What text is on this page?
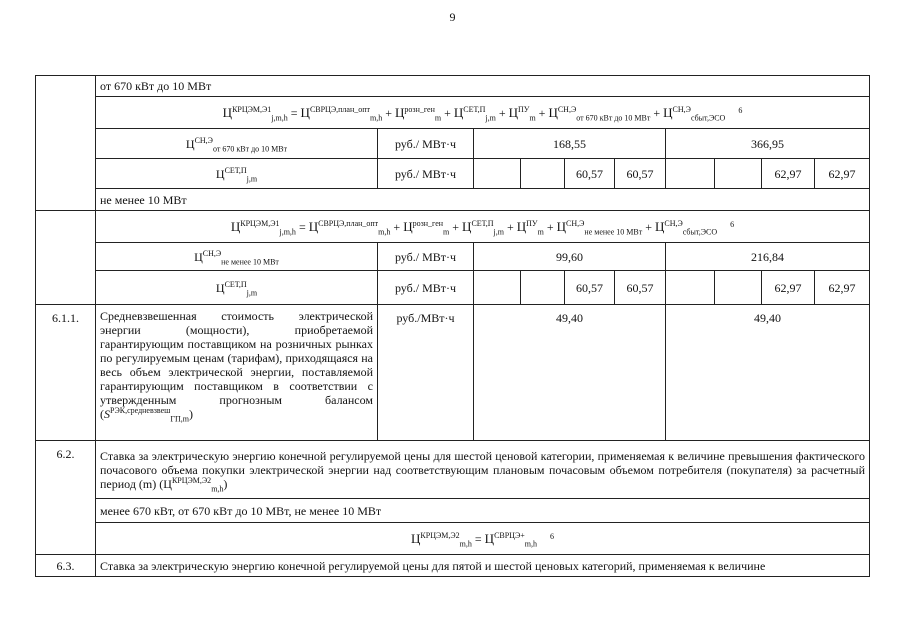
9
	от 670 кВт до 10 МВт									
	$Ц^{КРЦЭМ,Э1}_{j,m,h} = Ц^{СВРЦЭ,план\_опт}_{m,h} + Ц^{розн\_ген}_m + Ц^{СЕТ,П}_{j,m} + Ц^{ПУ}_m + Ц^{СН,Э}_{от 670 кВт до 10 МВт} + Ц^{СН,Э}_{сбыт,ЭСО}$ $^6$
	$Ц^{СН,Э}_{от 670 кВт до 10 МВт}$	руб./ МВт·ч	168,55				366,95			
	$Ц^{СЕТ,П}_{j,m}$	руб./ МВт·ч			60,57	60,57			62,97	62,97
	не менее 10 МВт									
	$Ц^{КРЦЭМ,Э1}_{j,m,h} = Ц^{СВРЦЭ,план\_опт}_{m,h} + Ц^{розн\_ген}_m + Ц^{СЕТ,П}_{j,m} + Ц^{ПУ}_m + Ц^{СН,Э}_{не менее 10 МВт} + Ц^{СН,Э}_{сбыт,ЭСО}$ $^6$
	$Ц^{СН,Э}_{не менее 10 МВт}$	руб./ МВт·ч	99,60				216,84			
	$Ц^{СЕТ,П}_{j,m}$	руб./ МВт·ч			60,57	60,57			62,97	62,97
6.1.1.	Средневзвешенная стоимость электрической энергии (мощности), приобретаемой гарантирующим поставщиком на розничных рынках по регулируемым ценам (тарифам), приходящаяся на весь объем электрической энергии, поставляемой гарантирующим поставщиком в соответствии с утвержденным прогнозным балансом $(S^{РЭК,средневзвеш}_{ГП,m})$	руб./МВт·ч	49,40				49,40			
6.2.	Ставка за электрическую энергию конечной регулируемой цены для шестой ценовой категории, применяемая к величине превышения фактического почасового объема покупки электрической энергии над соответствующим плановым почасовым объемом потребителя (покупателя) за расчетный период (m) $(Ц^{КРЦЭМ,Э2}_{m,h})$									
	менее 670 кВт, от 670 кВт до 10 МВт, не менее 10 МВт									
	$Ц^{КРЦЭМ,Э2}_{m,h} = Ц^{СВРЦЭ+}_{m,h}$ $^6$
6.3.	Ставка за электрическую энергию конечной регулируемой цены для пятой и шестой ценовых категорий, применяемая к величине									
